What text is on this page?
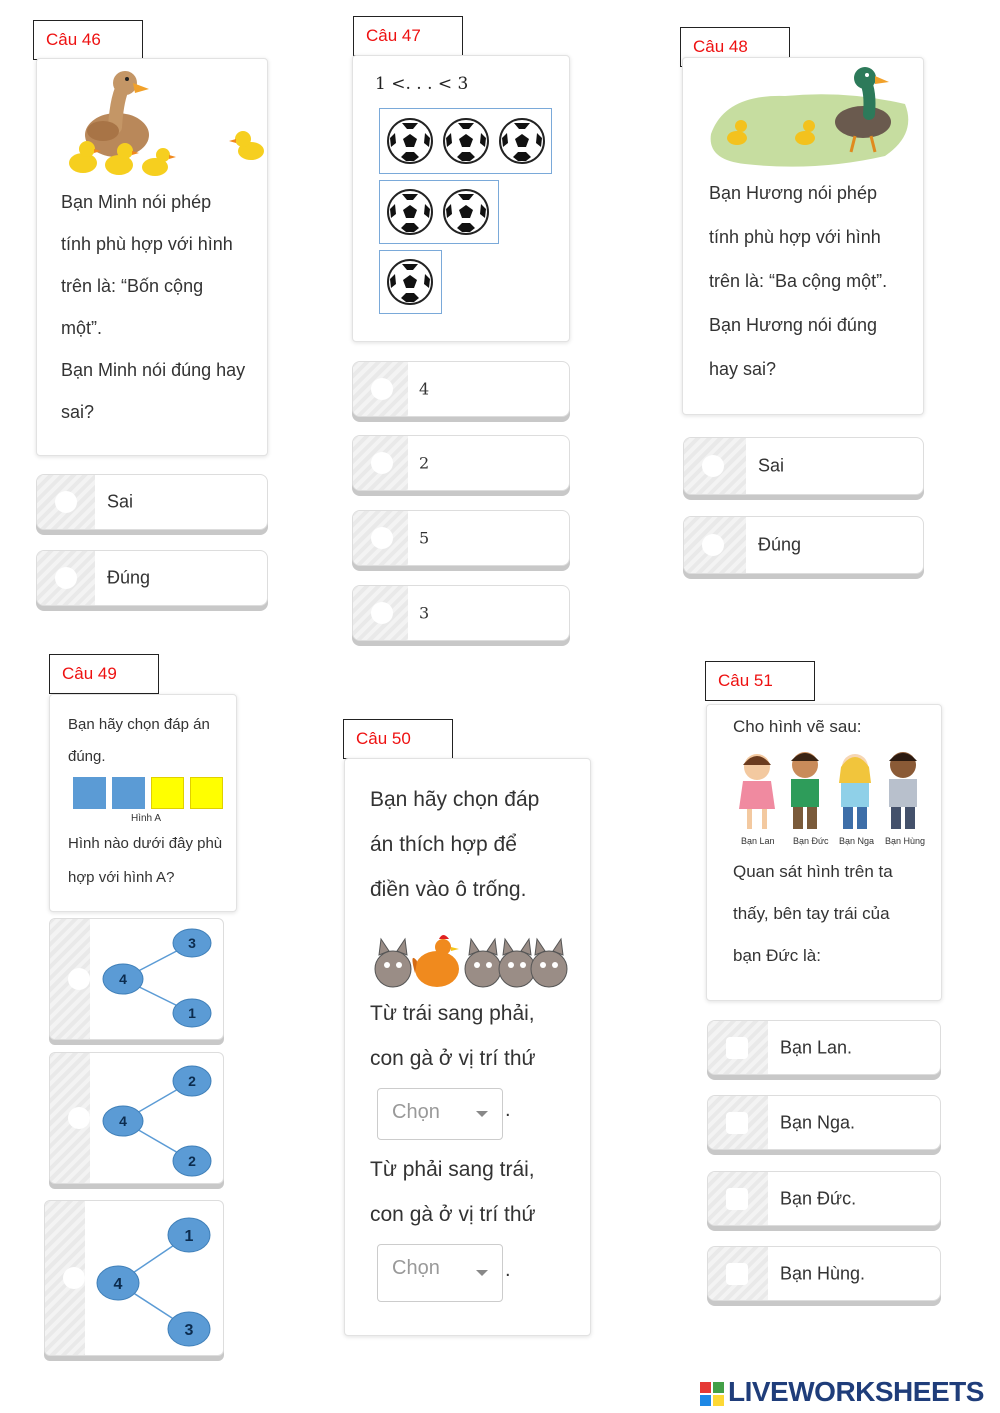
Câu 46
Bạn Minh nói phép
tính phù hợp với hình
trên là: “Bốn cộng
một”.
Bạn Minh nói đúng hay
sai?
Sai
Đúng
Câu 47
1 <. . . < 3
4
2
5
3
Câu 48
Bạn Hương nói phép
tính phù hợp với hình
trên là: “Ba cộng một”.
Bạn Hương nói đúng
hay sai?
Sai
Đúng
Câu 49
Bạn hãy chọn đáp án
đúng.
Hình A
Hình nào dưới đây phù
hợp với hình A?
4
3
1
4
2
2
4
1
3
Câu 50
Bạn hãy chọn đáp
án thích hợp để
điền vào ô trống.
Từ trái sang phải,
con gà ở vị trí thứ
Chọn	.
Từ phải sang trái,
con gà ở vị trí thứ
Chọn	.
Câu 51
Cho hình vẽ sau:
Bạn Lan Bạn Đức Bạn Nga Bạn Hùng
Quan sát hình trên ta
thấy, bên tay trái của
bạn Đức là:
Bạn Lan.
Bạn Nga.
Bạn Đức.
Bạn Hùng.
LIVEWORKSHEETS
